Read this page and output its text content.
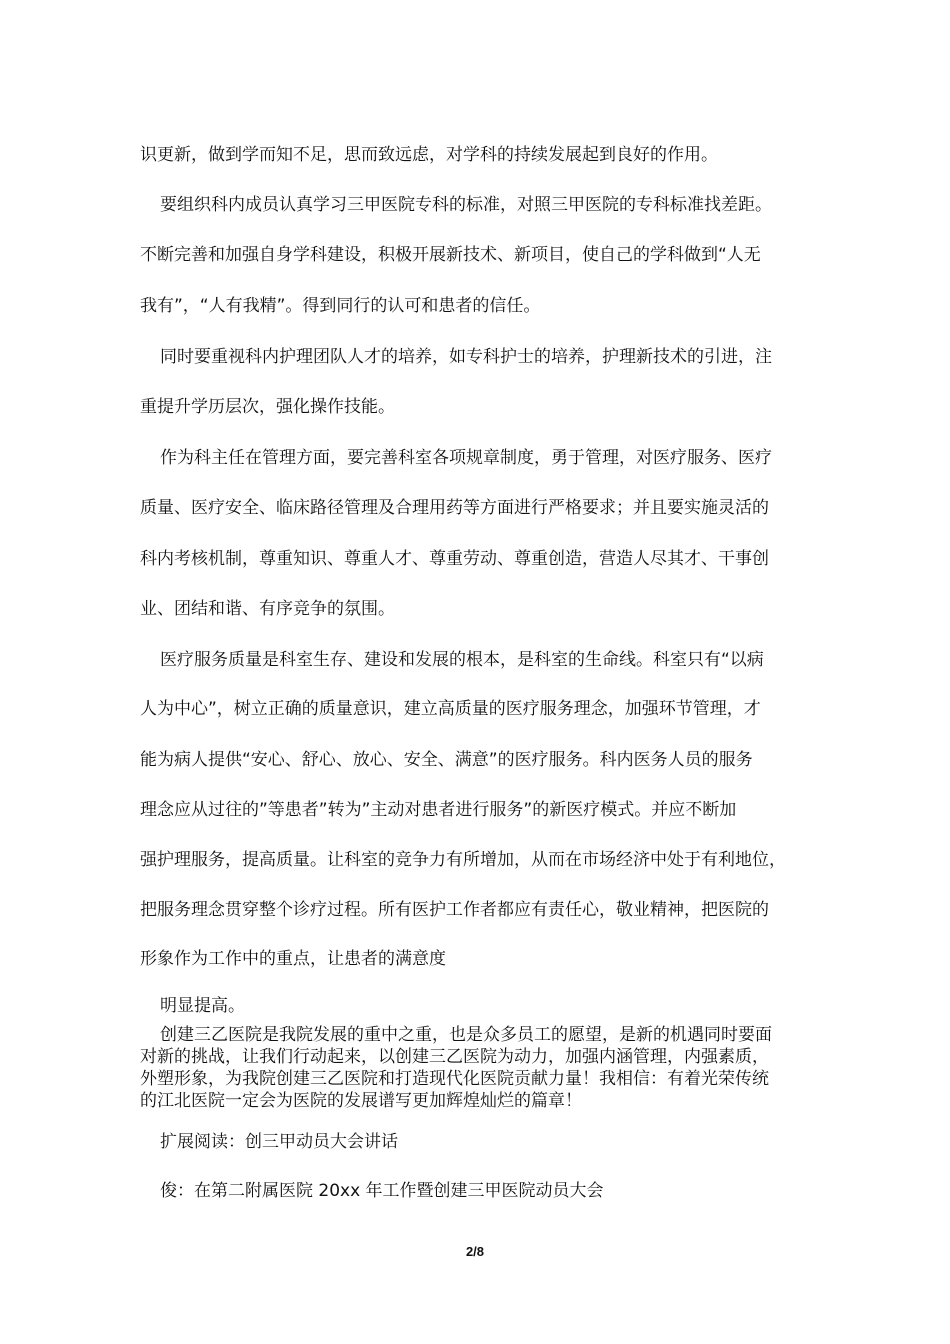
识更新，做到学而知不足，思而致远虑，对学科的持续发展起到良好的作用。
要组织科内成员认真学习三甲医院专科的标准，对照三甲医院的专科标准找差距。
不断完善和加强自身学科建设，积极开展新技术、新项目，使自己的学科做到“人无
我有”，“人有我精”。得到同行的认可和患者的信任。
同时要重视科内护理团队人才的培养，如专科护士的培养，护理新技术的引进，注
重提升学历层次，强化操作技能。
作为科主任在管理方面，要完善科室各项规章制度，勇于管理，对医疗服务、医疗
质量、医疗安全、临床路径管理及合理用药等方面进行严格要求；并且要实施灵活的
科内考核机制，尊重知识、尊重人才、尊重劳动、尊重创造，营造人尽其才、干事创
业、团结和谐、有序竞争的氛围。
医疗服务质量是科室生存、建设和发展的根本，是科室的生命线。科室只有“以病
人为中心”，树立正确的质量意识，建立高质量的医疗服务理念，加强环节管理，才
能为病人提供“安心、舒心、放心、安全、满意”的医疗服务。科内医务人员的服务
理念应从过往的”等患者”转为”主动对患者进行服务”的新医疗模式。并应不断加
强护理服务，提高质量。让科室的竞争力有所增加，从而在市场经济中处于有利地位，
把服务理念贯穿整个诊疗过程。所有医护工作者都应有责任心，敬业精神，把医院的
形象作为工作中的重点，让患者的满意度
明显提高。
创建三乙医院是我院发展的重中之重，也是众多员工的愿望，是新的机遇同时要面
对新的挑战，让我们行动起来，以创建三乙医院为动力，加强内涵管理，内强素质，
外塑形象，为我院创建三乙医院和打造现代化医院贡献力量！我相信：有着光荣传统
的江北医院一定会为医院的发展谱写更加辉煌灿烂的篇章！
扩展阅读：创三甲动员大会讲话
俊：在第二附属医院 20xx 年工作暨创建三甲医院动员大会
2/8
